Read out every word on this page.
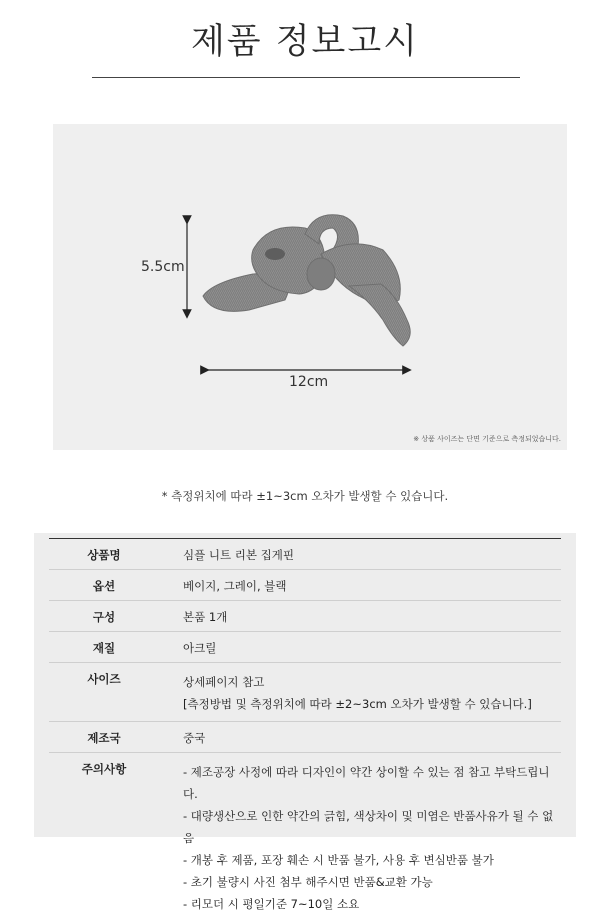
제품 정보고시
5.5cm
12cm
※ 상품 사이즈는 단면 기준으로 측정되었습니다.
* 측정위치에 따라 ±1~3cm 오차가 발생할 수 있습니다.
상품명	심플 니트 리본 집게핀
옵션	베이지, 그레이, 블랙
구성	본품 1개
재질	아크릴
사이즈	상세페이지 참고
[측정방법 및 측정위치에 따라 ±2~3cm 오차가 발생할 수 있습니다.]

제조국	중국
주의사항	- 제조공장 사정에 따라 디자인이 약간 상이할 수 있는 점 참고 부탁드립니다.
- 대량생산으로 인한 약간의 긁힘, 색상차이 및 미염은 반품사유가 될 수 없음
- 개봉 후 제품, 포장 훼손 시 반품 불가, 사용 후 변심반품 불가
- 초기 불량시 사진 첨부 해주시면 반품&교환 가능
- 리모더 시 평일기준 7~10일 소요
